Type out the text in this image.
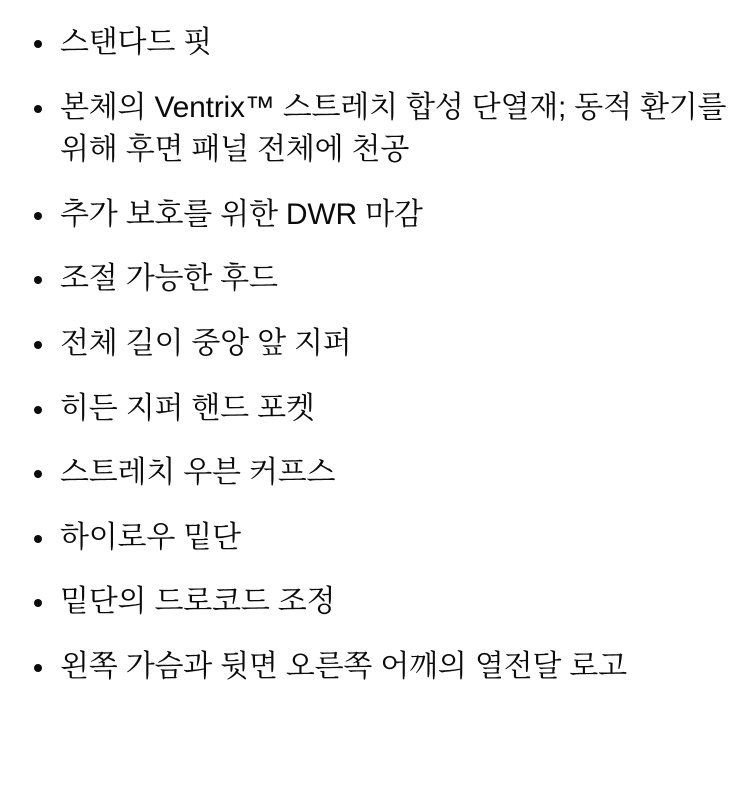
스탠다드 핏
본체의 Ventrix™ 스트레치 합성 단열재; 동적 환기를 위해 후면 패널 전체에 천공
추가 보호를 위한 DWR 마감
조절 가능한 후드
전체 길이 중앙 앞 지퍼
히든 지퍼 핸드 포켓
스트레치 우븐 커프스
하이로우 밑단
밑단의 드로코드 조정
왼쪽 가슴과 뒷면 오른쪽 어깨의 열전달 로고
